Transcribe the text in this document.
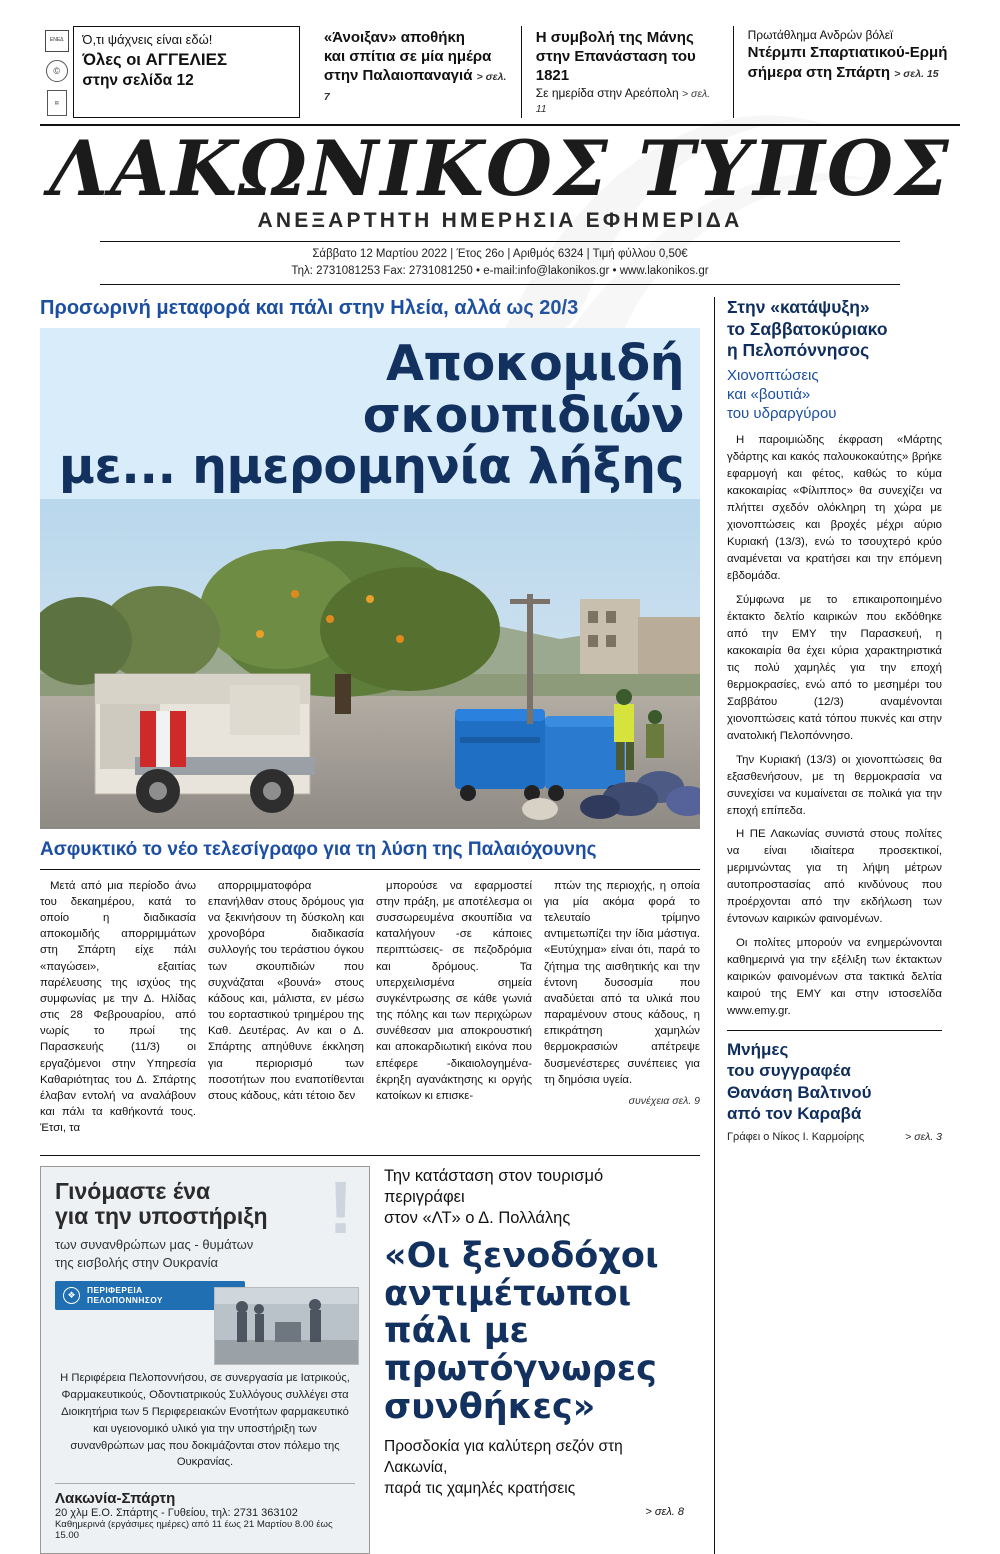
ΕΝΕΔ
©
▤
Ό,τι ψάχνεις είναι εδώ!
Όλες οι ΑΓΓΕΛΙΕΣ
στην σελίδα 12
«Άνοιξαν» αποθήκη
και σπίτια σε μία ημέρα
στην Παλαιοπαναγιά > σελ. 7
Η συμβολή της Μάνης
στην Επανάσταση του 1821
Σε ημερίδα στην Αρεόπολη > σελ. 11
Πρωτάθλημα Ανδρών βόλεϊ
Ντέρμπι Σπαρτιατικού-Ερμή
σήμερα στη Σπάρτη > σελ. 15
ΛΑΚΩΝΙΚΟΣ ΤΥΠΟΣ
ΑΝΕΞΑΡΤΗΤΗ ΗΜΕΡΗΣΙΑ ΕΦΗΜΕΡΙΔΑ
Σάββατο 12 Μαρτίου 2022 | Έτος 26ο | Αριθμός 6324 | Τιμή φύλλου 0,50€
Τηλ: 2731081253 Fax: 2731081250 • e-mail:info@lakonikos.gr • www.lakonikos.gr
Προσωρινή μεταφορά και πάλι στην Ηλεία, αλλά ως 20/3
Αποκομιδή σκουπιδιών
με... ημερομηνία λήξης
Ασφυκτικό το νέο τελεσίγραφο για τη λύση της Παλαιόχουνης

Μετά από μια περίοδο άνω του δεκαημέρου, κατά το οποίο η διαδικασία αποκομιδής απορριμμάτων στη Σπάρτη είχε πάλι «παγώσει», εξαιτίας παρέλευσης της ισχύος της συμφωνίας με την Δ. Ηλίδας στις 28 Φεβρουαρίου, από νωρίς το πρωί της Παρασκευής (11/3) οι εργαζόμενοι στην Υπηρεσία Καθαριότητας του Δ. Σπάρτης έλαβαν εντολή να αναλάβουν και πάλι τα καθήκοντά τους. Έτσι, τα

απορριμματοφόρα επανήλθαν στους δρόμους για να ξεκινήσουν τη δύσκολη και χρονοβόρα διαδικασία συλλογής του τεράστιου όγκου των σκουπιδιών που συχνάζαται «βουνά» στους κάδους και, μάλιστα, εν μέσω του εορταστικού τριημέρου της Καθ. Δευτέρας. Αν και ο Δ. Σπάρτης απηύθυνε έκκληση για περιορισμό των ποσοτήτων που εναποτίθενται στους κάδους, κάτι τέτοιο δεν

μπορούσε να εφαρμοστεί στην πράξη, με αποτέλεσμα οι συσσωρευμένα σκουπίδια να καταλήγουν -σε κάποιες περιπτώσεις- σε πεζοδρόμια και δρόμους. Τα υπερχειλισμένα σημεία συγκέντρωσης σε κάθε γωνιά της πόλης και των περιχώρων συνέθεσαν μια αποκρουστική και αποκαρδιωτική εικόνα που επέφερε -δικαιολογημένα- έκρηξη αγανάκτησης κι οργής κατοίκων κι επισκε-

πτών της περιοχής, η οποία για μία ακόμα φορά το τελευταίο τρίμηνο αντιμετωπίζει την ίδια μάστιγα. «Ευτύχημα» είναι ότι, παρά το ζήτημα της αισθητικής και την έντονη δυσοσμία που αναδύεται από τα υλικά που παραμένουν στους κάδους, η επικράτηση χαμηλών θερμοκρασιών απέτρεψε δυσμενέστερες συνέπειες για τη δημόσια υγεία.

συνέχεια σελ. 9
!
Γινόμαστε ένα
για την υποστήριξη
των συνανθρώπων μας - θυμάτων
της εισβολής στην Ουκρανία
❖
ΠΕΡΙΦΕΡΕΙΑ
ΠΕΛΟΠΟΝΝΗΣΟΥ
Η Περιφέρεια Πελοποννήσου, σε συνεργασία με Ιατρικούς, Φαρμακευτικούς, Οδοντιατρικούς Συλλόγους συλλέγει στα Διοικητήρια των 5 Περιφερειακών Ενοτήτων φαρμακευτικό και υγειονομικό υλικό για την υποστήριξη των συνανθρώπων μας που δοκιμάζονται στον πόλεμο της Ουκρανίας.
Λακωνία-Σπάρτη
20 χλμ Ε.Ο. Σπάρτης - Γυθείου, τηλ: 2731 363102
Καθημερινά (εργάσιμες ημέρες) από 11 έως 21 Μαρτίου 8.00 έως 15.00
Την κατάσταση στον τουρισμό περιγράφει
στον «ΛΤ» ο Δ. Πολλάλης
«Οι ξενοδόχοι αντιμέτωποι πάλι με πρωτόγνωρες συνθήκες»
Προσδοκία για καλύτερη σεζόν στη Λακωνία,
παρά τις χαμηλές κρατήσεις
> σελ. 8
Στην «κατάψυξη»
το Σαββατοκύριακο
η Πελοπόννησος
Χιονοπτώσεις
και «βουτιά»
του υδραργύρου

Η παροιμιώδης έκφραση «Μάρτης γδάρτης και κακός παλουκοκαύτης» βρήκε εφαρμογή και φέτος, καθώς το κύμα κακοκαιρίας «Φίλιππος» θα συνεχίζει να πλήττει σχεδόν ολόκληρη τη χώρα με χιονοπτώσεις και βροχές μέχρι αύριο Κυριακή (13/3), ενώ το τσουχτερό κρύο αναμένεται να κρατήσει και την επόμενη εβδομάδα.

Σύμφωνα με το επικαιροποιημένο έκτακτο δελτίο καιρικών που εκδόθηκε από την ΕΜΥ την Παρασκευή, η κακοκαιρία θα έχει κύρια χαρακτηριστικά τις πολύ χαμηλές για την εποχή θερμοκρασίες, ενώ από το μεσημέρι του Σαββάτου (12/3) αναμένονται χιονοπτώσεις κατά τόπου πυκνές και στην ανατολική Πελοπόννησο.

Την Κυριακή (13/3) οι χιονοπτώσεις θα εξασθενήσουν, με τη θερμοκρασία να συνεχίσει να κυμαίνεται σε πολικά για την εποχή επίπεδα.

Η ΠΕ Λακωνίας συνιστά στους πολίτες να είναι ιδιαίτερα προσεκτικοί, μεριμνώντας για τη λήψη μέτρων αυτοπροστασίας από κινδύνους που προέρχονται από την εκδήλωση των έντονων καιρικών φαινομένων.

Οι πολίτες μπορούν να ενημερώνονται καθημερινά για την εξέλιξη των έκτακτων καιρικών φαινομένων στα τακτικά δελτία καιρού της ΕΜΥ και στην ιστοσελίδα www.emy.gr.

Μνήμες
του συγγραφέα
Θανάση Βαλτινού
από τον Καραβά
> σελ. 3
Γράφει ο Νίκος Ι. Καρμοίρης
